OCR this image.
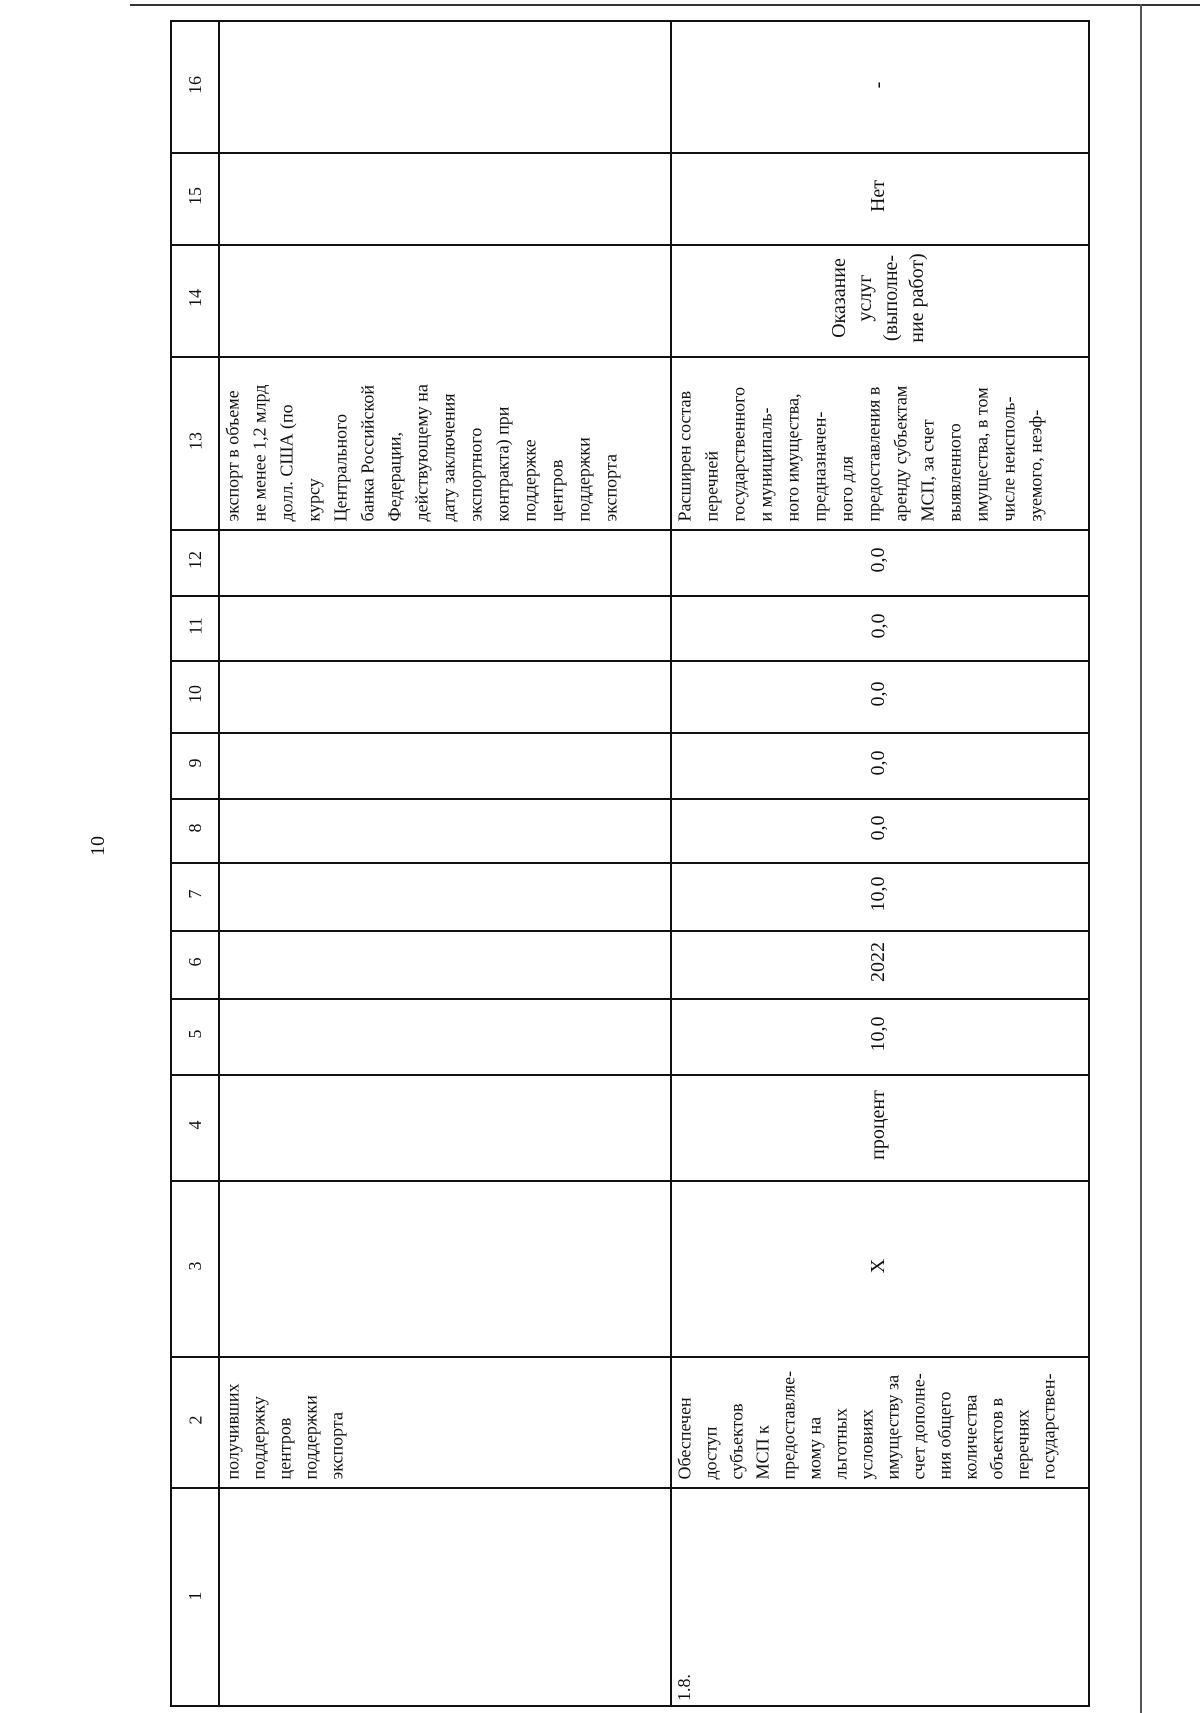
10
1
2
3
4
5
6
7
8
9
10
11
12
13
14
15
16
получивших
поддержку
центров
поддержки
экспорта
экспорт в объеме
не менее 1,2 млрд
долл. США (по
курсу
Центрального
банка Российской
Федерации,
действующему на
дату заключения
экспортного
контракта) при
поддержке
центров
поддержки
экспорта
1.8.
Обеспечен
доступ
субъектов
МСП к
предоставляе-
мому на
льготных
условиях
имуществу за
счет дополне-
ния общего
количества
объектов в
перечнях
государствен-
X
процент
10,0
2022
10,0
0,0
0,0
0,0
0,0
0,0
Нет
-
Расширен состав
перечней
государственного
и муниципаль-
ного имущества,
предназначен-
ного для
предоставления в
аренду субъектам
МСП, за счет
выявленного
имущества, в том
числе неисполь-
зуемого, неэф-
Оказание
услуг
(выполне-
ние работ)
